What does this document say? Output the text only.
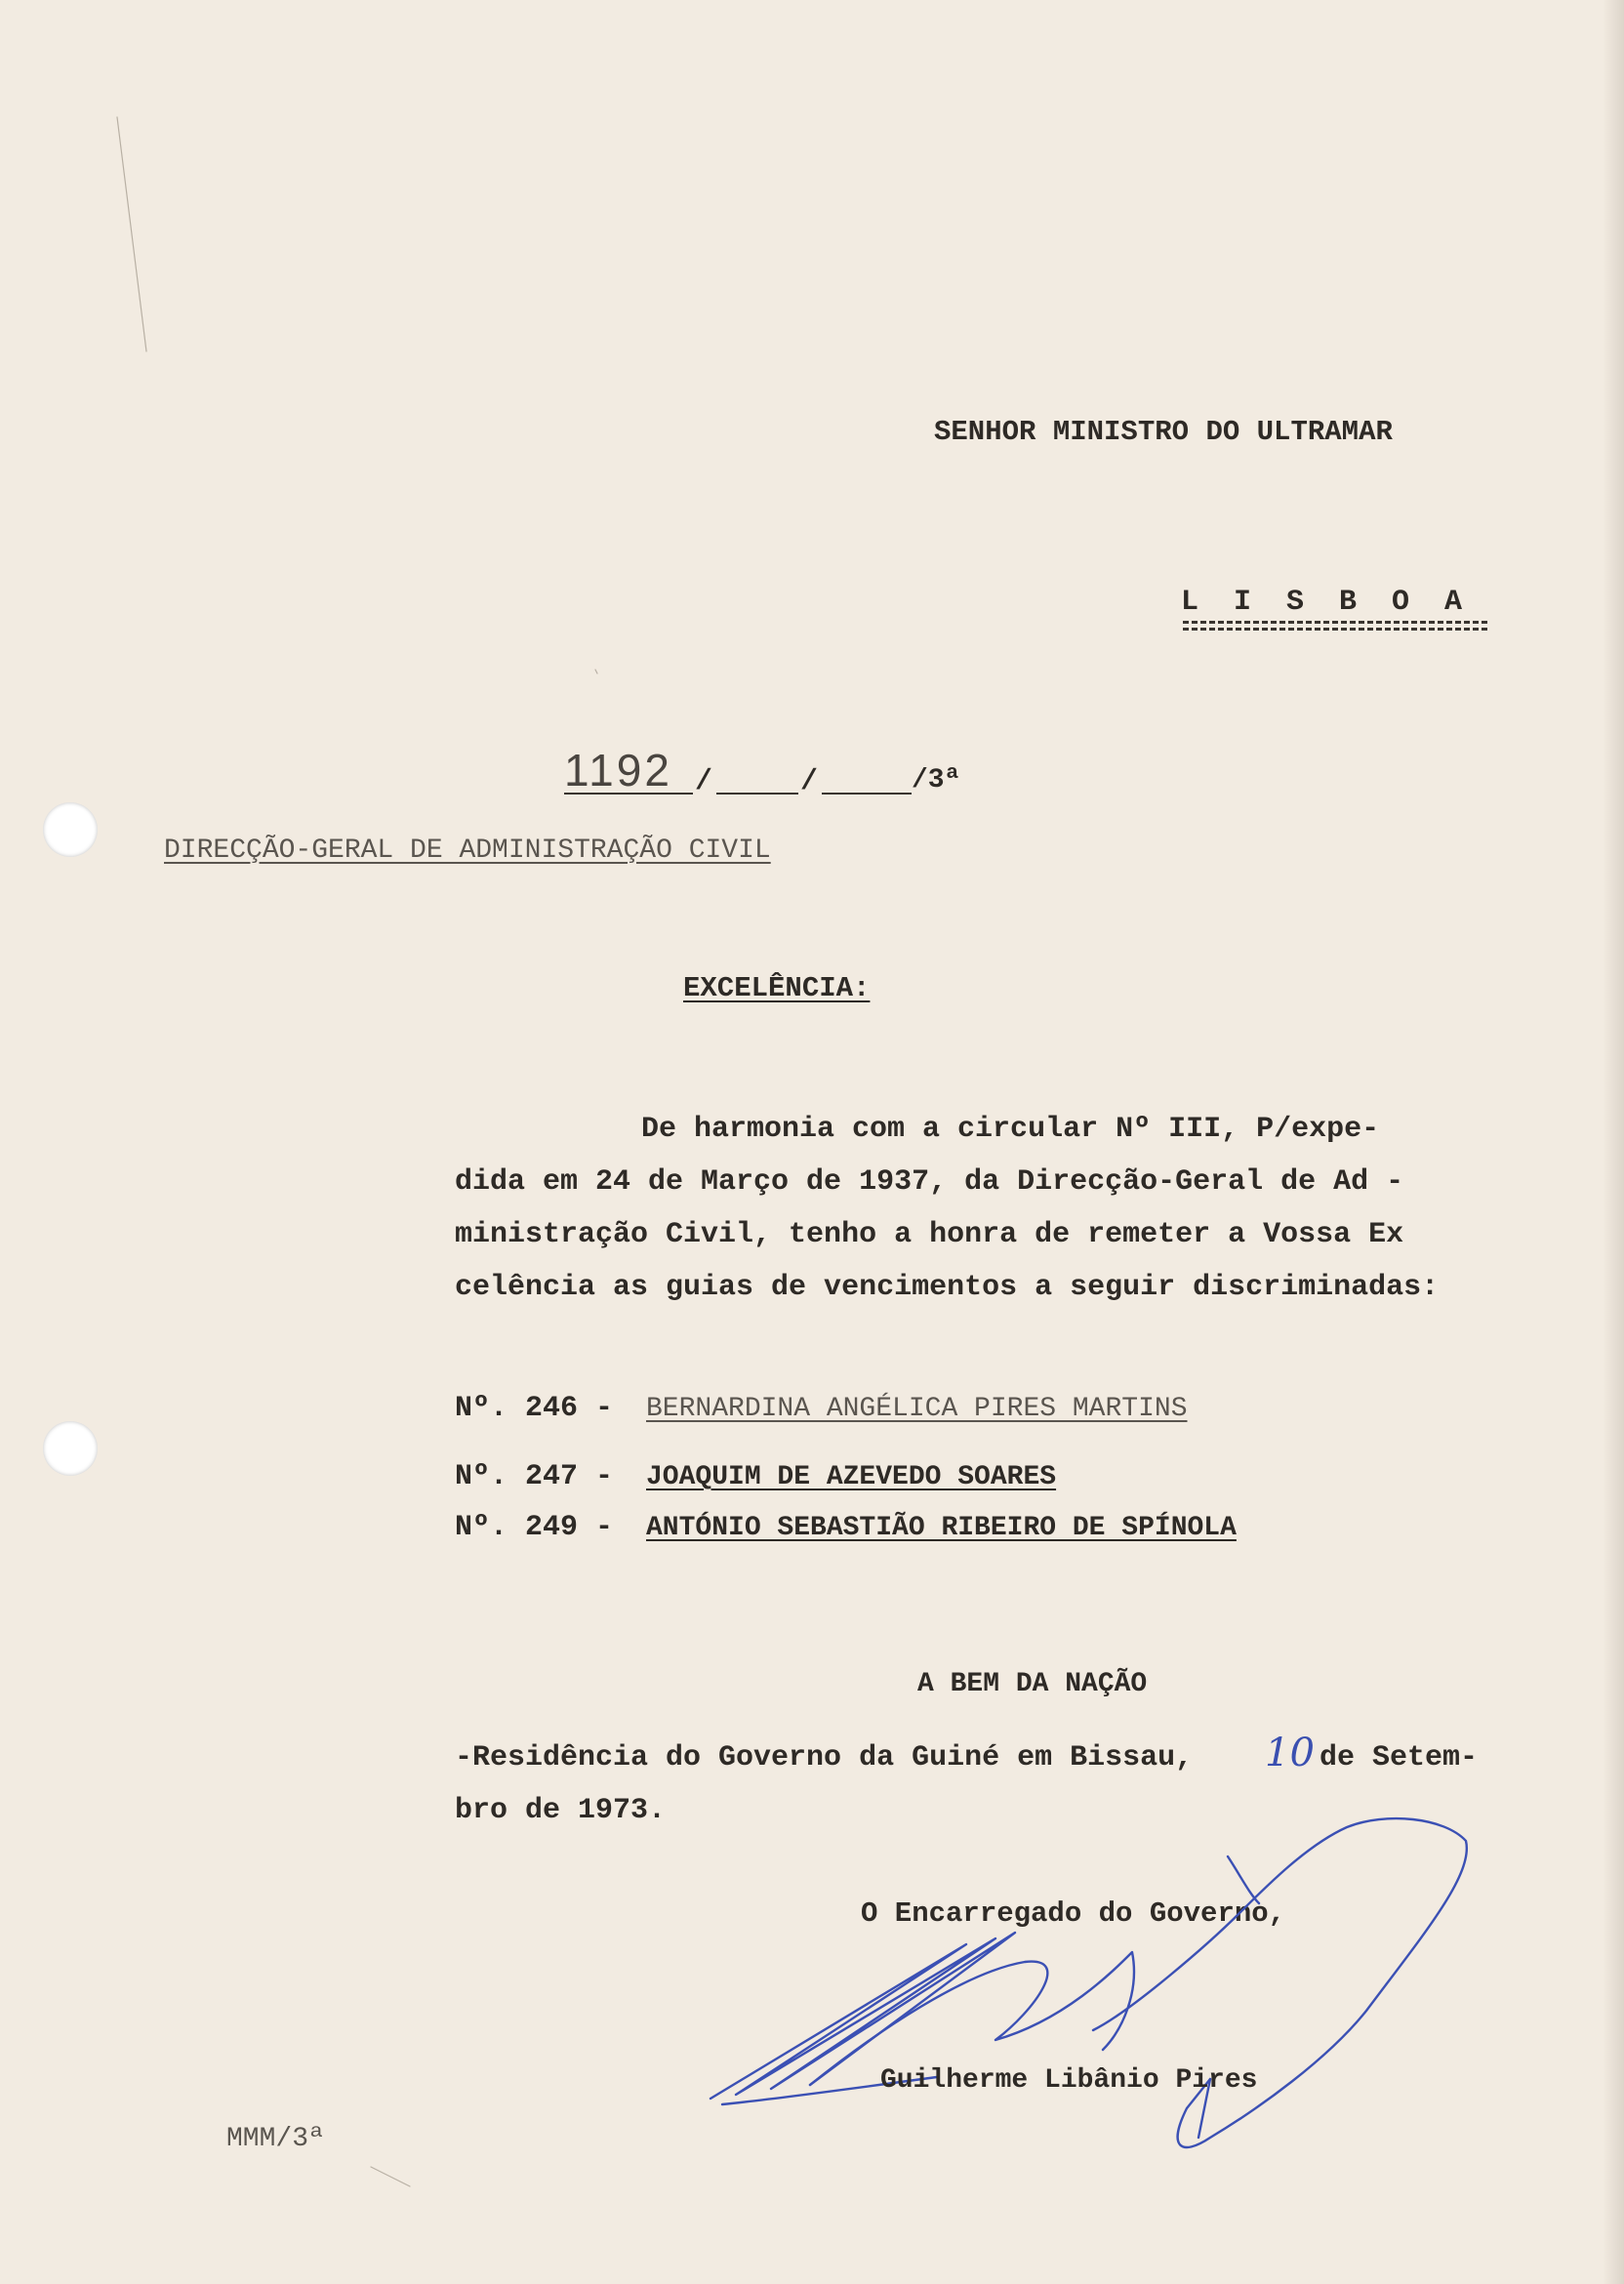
SENHOR MINISTRO DO ULTRAMAR
L  I  S  B  O  A
1192 /	/	/3ª
DIRECÇÃO-GERAL DE ADMINISTRAÇÃO CIVIL
EXCELÊNCIA:
De harmonia com a circular Nº III, P/expe-
dida em 24 de Março de 1937, da Direcção-Geral de Ad -
ministração Civil, tenho a honra de remeter a Vossa Ex
celência as guias de vencimentos a seguir discriminadas:
Nº. 246 - BERNARDINA ANGÉLICA PIRES MARTINS
Nº. 247 - JOAQUIM DE AZEVEDO SOARES
Nº. 249 - ANTÓNIO SEBASTIÃO RIBEIRO DE SPÍNOLA
A BEM DA NAÇÃO
-Residência do Governo da Guiné em Bissau, 10 de Setem-
bro de 1973.
O Encarregado do Governo,
Guilherme Libânio Pires
MMM/3ª
